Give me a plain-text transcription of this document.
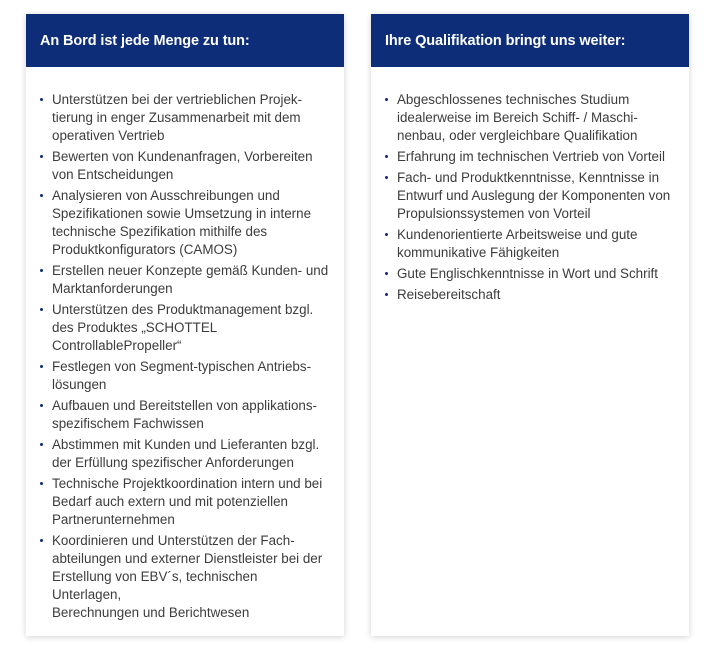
An Bord ist jede Menge zu tun:
Unterstützen bei der vertrieblichen Projek-
tierung in enger Zusammenarbeit mit dem
operativen Vertrieb
Bewerten von Kundenanfragen, Vorbereiten
von Entscheidungen
Analysieren von Ausschreibungen und
Spezifikationen sowie Umsetzung in interne
technische Spezifikation mithilfe des
Produktkonfigurators (CAMOS)
Erstellen neuer Konzepte gemäß Kunden- und
Marktanforderungen
Unterstützen des Produktmanagement bzgl.
des Produktes „SCHOTTEL
ControllablePropeller“
Festlegen von Segment-typischen Antriebs-
lösungen
Aufbauen und Bereitstellen von applikations-
spezifischem Fachwissen
Abstimmen mit Kunden und Lieferanten bzgl.
der Erfüllung spezifischer Anforderungen
Technische Projektkoordination intern und bei
Bedarf auch extern und mit potenziellen
Partnerunternehmen
Koordinieren und Unterstützen der Fach-
abteilungen und externer Dienstleister bei der
Erstellung von EBV´s, technischen Unterlagen,
Berechnungen und Berichtwesen
Ihre Qualifikation bringt uns weiter:
Abgeschlossenes technisches Studium
idealerweise im Bereich Schiff- / Maschi-
nenbau, oder vergleichbare Qualifikation
Erfahrung im technischen Vertrieb von Vorteil
Fach- und Produktkenntnisse, Kenntnisse in
Entwurf und Auslegung der Komponenten von
Propulsionssystemen von Vorteil
Kundenorientierte Arbeitsweise und gute
kommunikative Fähigkeiten
Gute Englischkenntnisse in Wort und Schrift
Reisebereitschaft
